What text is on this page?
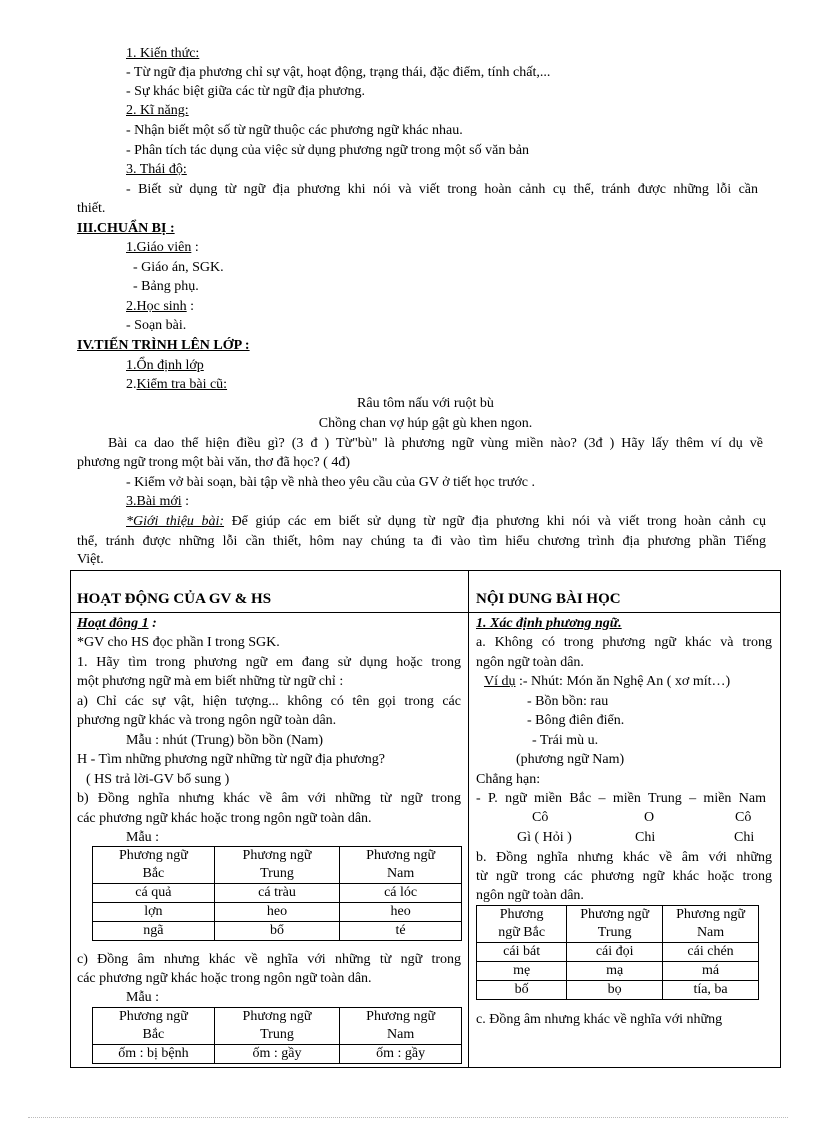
1. Kiến thức:
- Từ ngữ địa phương chỉ sự vật, hoạt động, trạng thái, đặc điểm, tính chất,...
- Sự khác biệt giữa các từ ngữ địa phương.
2. Kĩ năng:
- Nhận biết một số từ ngữ thuộc các phương ngữ khác nhau.
- Phân tích tác dụng của việc sử dụng phương ngữ trong một số văn bản
3. Thái độ:
- Biết sử dụng từ ngữ địa phương khi nói và viết trong hoàn cảnh cụ thể, tránh được những lỗi cần
thiết.
III.CHUẨN BỊ :
1.Giáo viên :
- Giáo án, SGK.
- Bảng phụ.
2.Học sinh :
- Soạn bài.
IV.TIẾN TRÌNH LÊN LỚP :
1.Ổn định lớp
2.Kiểm tra bài cũ:
Râu tôm nấu với ruột bù
Chồng chan vợ húp gật gù khen ngon.
Bài ca dao thể hiện điều gì? (3 đ ) Từ"bù" là phương ngữ vùng miền nào? (3đ ) Hãy lấy thêm ví dụ về
phương ngữ trong một bài văn, thơ đã học? ( 4đ)
- Kiểm vở bài soạn, bài tập về nhà theo yêu cầu của GV ở tiết học trước .
3.Bài mới :
*Giới thiệu bài: Để giúp các em biết sử dụng từ ngữ địa phương khi nói và viết trong hoàn cảnh cụ
thể, tránh được những lỗi cần thiết, hôm nay chúng ta đi vào tìm hiểu chương trình địa phương phần Tiếng
Việt.
HOẠT ĐỘNG CỦA GV & HS	NỘI DUNG BÀI HỌC
Hoạt đông 1 :
*GV cho HS đọc phần I trong SGK.
1. Hãy tìm trong phương ngữ em đang sử dụng hoặc trong
một phương ngữ mà em biết những từ ngữ chỉ :
a) Chỉ các sự vật, hiện tượng... không có tên gọi trong các
phương ngữ khác và trong ngôn ngữ toàn dân.
Mẫu : nhút (Trung) bồn bồn (Nam)
H - Tìm những phương ngữ những từ ngữ địa phương?
( HS trả lời-GV bổ sung )
b) Đồng nghĩa nhưng khác về âm với những từ ngữ trong
các phương ngữ khác hoặc trong ngôn ngữ toàn dân.
Mẫu :
Phương ngữ
Bắc	Phương ngữ
Trung	Phương ngữ
Nam
cá quả	cá tràu	cá lóc
lợn	heo	heo
ngã	bổ	té
c) Đồng âm nhưng khác về nghĩa với những từ ngữ trong
các phương ngữ khác hoặc trong ngôn ngữ toàn dân.
Mẫu :
Phương ngữ
Bắc	Phương ngữ
Trung	Phương ngữ
Nam
ốm : bị bệnh	ốm : gầy	ốm : gầy
1. Xác định phương ngữ.
a. Không có trong phương ngữ khác và trong
ngôn ngữ toàn dân.
Ví dụ :- Nhút: Món ăn Nghệ An ( xơ mít…)
- Bồn bồn: rau
- Bông điên điển.
- Trái mù u.
(phương ngữ Nam)
Chẳng hạn:
- P. ngữ miền Bắc – miền Trung – miền Nam
Cô	O	Cô
Gì ( Hỏi )	Chi	Chi
b. Đồng nghĩa nhưng khác về âm với những
từ ngữ trong các phương ngữ khác hoặc trong
ngôn ngữ toàn dân.
Phương
ngữ Bắc	Phương ngữ
Trung	Phương ngữ
Nam
cái bát	cái đọi	cái chén
mẹ	mạ	má
bố	bọ	tía, ba
c. Đồng âm nhưng khác về nghĩa với những
